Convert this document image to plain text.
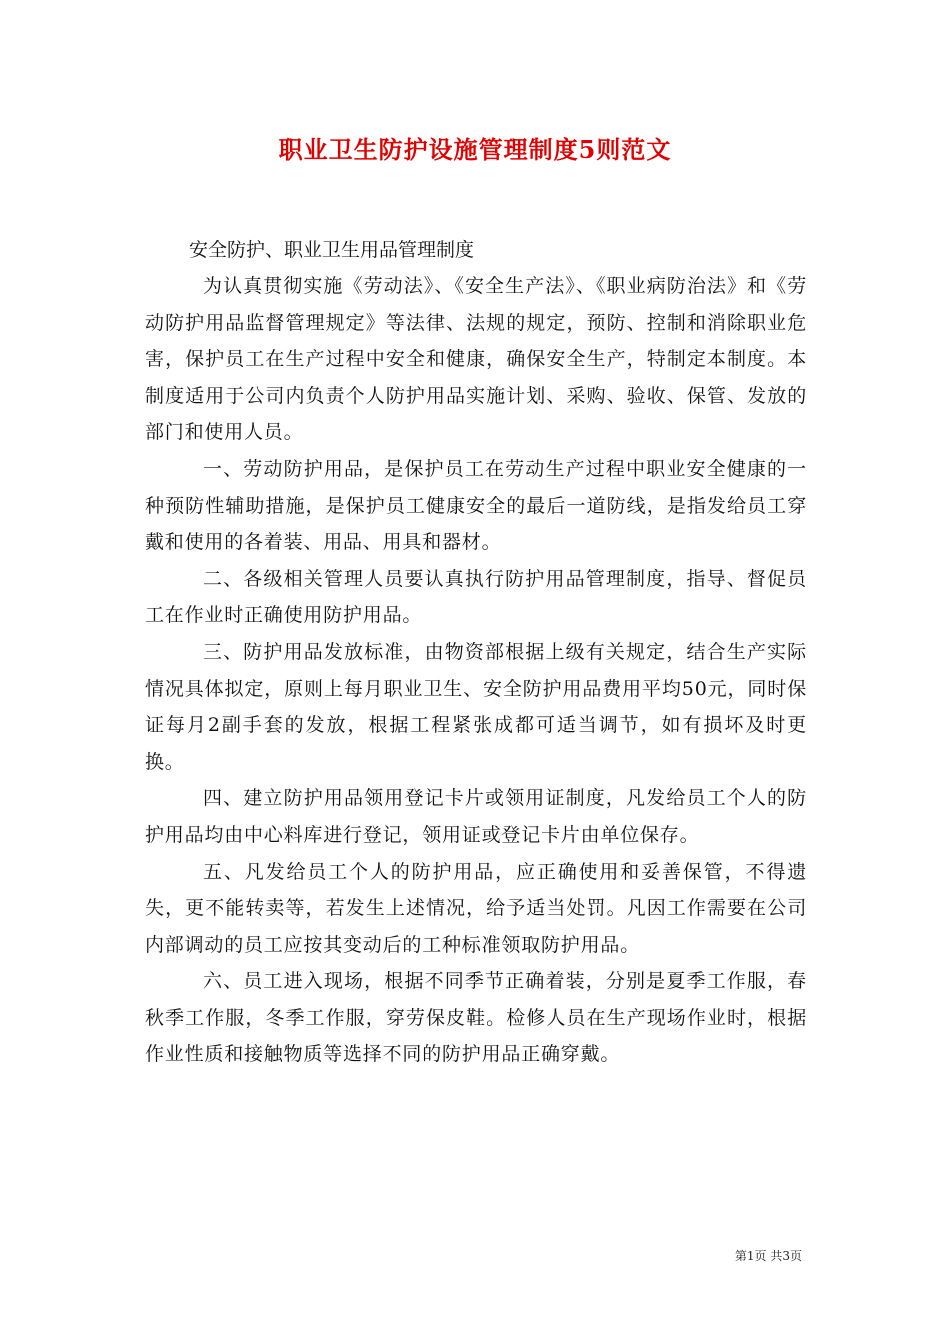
职业卫生防护设施管理制度5则范文

安全防护、职业卫生用品管理制度

为认真贯彻实施《劳动法》、《安全生产法》、《职业病防治法》和《劳动防护用品监督管理规定》等法律、法规的规定，预防、控制和消除职业危害，保护员工在生产过程中安全和健康，确保安全生产，特制定本制度。本制度适用于公司内负责个人防护用品实施计划、采购、验收、保管、发放的部门和使用人员。

一、劳动防护用品，是保护员工在劳动生产过程中职业安全健康的一种预防性辅助措施，是保护员工健康安全的最后一道防线，是指发给员工穿戴和使用的各着装、用品、用具和器材。

二、各级相关管理人员要认真执行防护用品管理制度，指导、督促员工在作业时正确使用防护用品。

三、防护用品发放标准，由物资部根据上级有关规定，结合生产实际情况具体拟定，原则上每月职业卫生、安全防护用品费用平均50元，同时保证每月2副手套的发放，根据工程紧张成都可适当调节，如有损坏及时更换。

四、建立防护用品领用登记卡片或领用证制度，凡发给员工个人的防护用品均由中心料库进行登记，领用证或登记卡片由单位保存。

五、凡发给员工个人的防护用品，应正确使用和妥善保管，不得遗失，更不能转卖等，若发生上述情况，给予适当处罚。凡因工作需要在公司内部调动的员工应按其变动后的工种标准领取防护用品。

六、员工进入现场，根据不同季节正确着装，分别是夏季工作服，春秋季工作服，冬季工作服，穿劳保皮鞋。检修人员在生产现场作业时，根据作业性质和接触物质等选择不同的防护用品正确穿戴。

第1页 共3页
